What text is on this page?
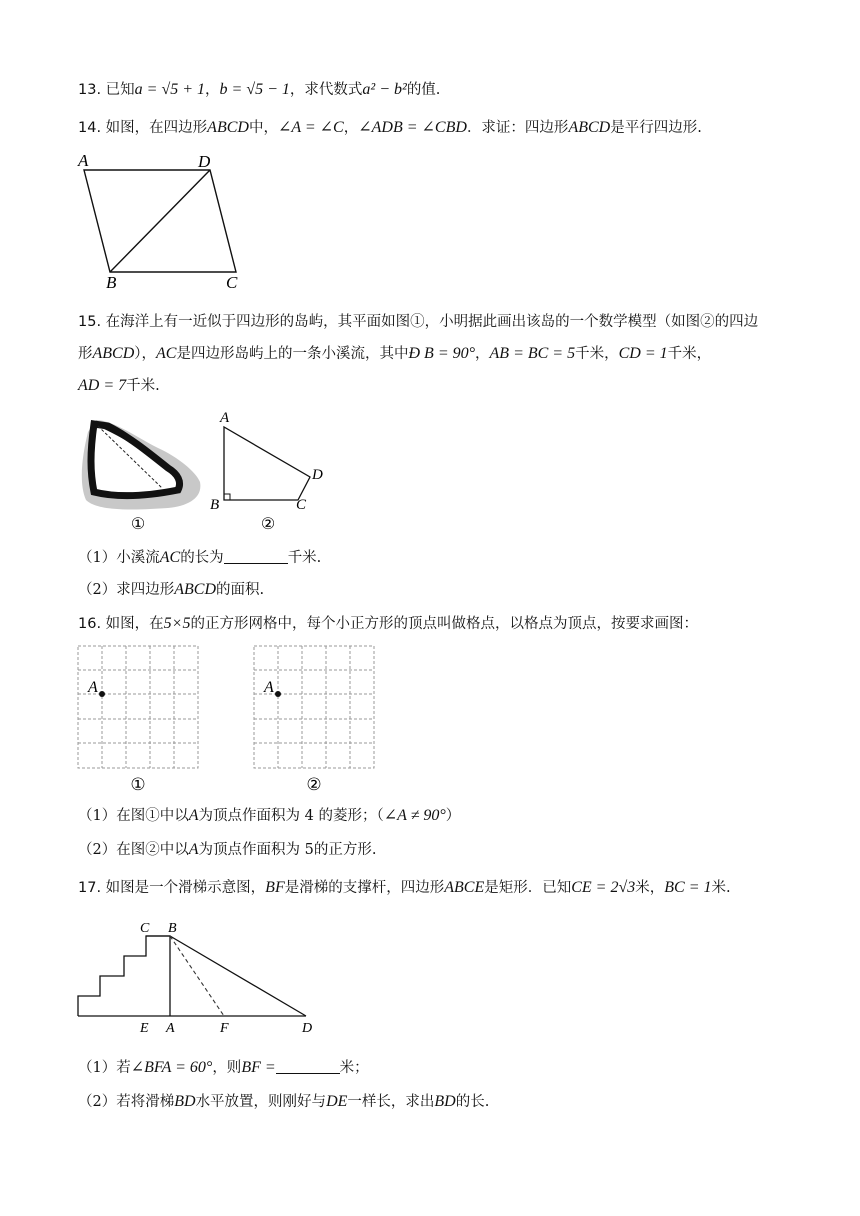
13. 已知a = √5 + 1，b = √5 − 1，求代数式a² − b²的值.
14. 如图，在四边形ABCD中，∠A = ∠C，∠ADB = ∠CBD．求证：四边形ABCD是平行四边形.
A	D
B	C
15. 在海洋上有一近似于四边形的岛屿，其平面如图①，小明据此画出该岛的一个数学模型（如图②的四边
形ABCD），AC是四边形岛屿上的一条小溪流，其中Ð B = 90°，AB = BC = 5千米，CD = 1千米，
AD = 7千米.
①
A
B	C
D
②
（1）小溪流AC的长为	千米.
（2）求四边形ABCD的面积.
16. 如图，在5×5的正方形网格中，每个小正方形的顶点叫做格点，以格点为顶点，按要求画图：
A
①
A
②
（1）在图①中以A为顶点作面积为 4 的菱形；（∠A ≠ 90°）
（2）在图②中以A为顶点作面积为 5的正方形.
17. 如图是一个滑梯示意图，BF是滑梯的支撑杆，四边形ABCE是矩形．已知CE = 2√3米，BC = 1米.
C B
E A	F	D
（1）若∠BFA = 60°，则BF =	米；
（2）若将滑梯BD水平放置，则刚好与DE一样长，求出BD的长.
